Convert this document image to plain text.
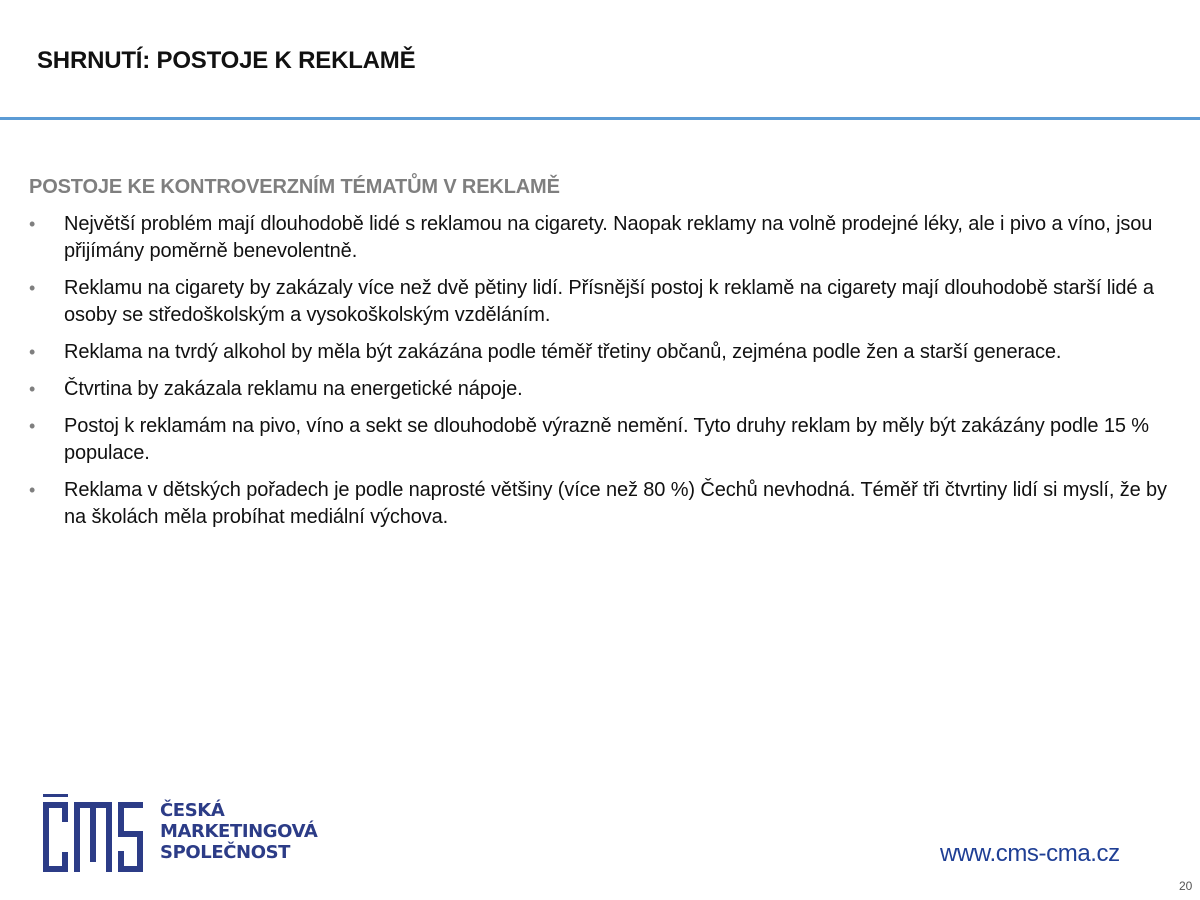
SHRNUTÍ: POSTOJE K REKLAMĚ
POSTOJE KE KONTROVERZNÍM TÉMATŮM V REKLAMĚ
•	Největší problém mají dlouhodobě lidé s reklamou na cigarety. Naopak reklamy na volně prodejné léky, ale i pivo a víno, jsou přijímány poměrně benevolentně.
•	Reklamu na cigarety by zakázaly více než dvě pětiny lidí. Přísnější postoj k reklamě na cigarety mají dlouhodobě starší lidé a osoby se středoškolským a vysokoškolským vzděláním.
•	Reklama na tvrdý alkohol by měla být zakázána podle téměř třetiny občanů, zejména podle žen a starší generace.
•	Čtvrtina by zakázala reklamu na energetické nápoje.
•	Postoj k reklamám na pivo, víno a sekt se dlouhodobě výrazně nemění. Tyto druhy reklam by měly být zakázány podle 15 % populace.
•	Reklama v dětských pořadech je podle naprosté většiny (více než 80 %) Čechů nevhodná. Téměř tři čtvrtiny lidí si myslí, že by na školách měla probíhat mediální výchova.
ČESKÁ
MARKETINGOVÁ
SPOLEČNOST	www.cms-cma.cz
20
